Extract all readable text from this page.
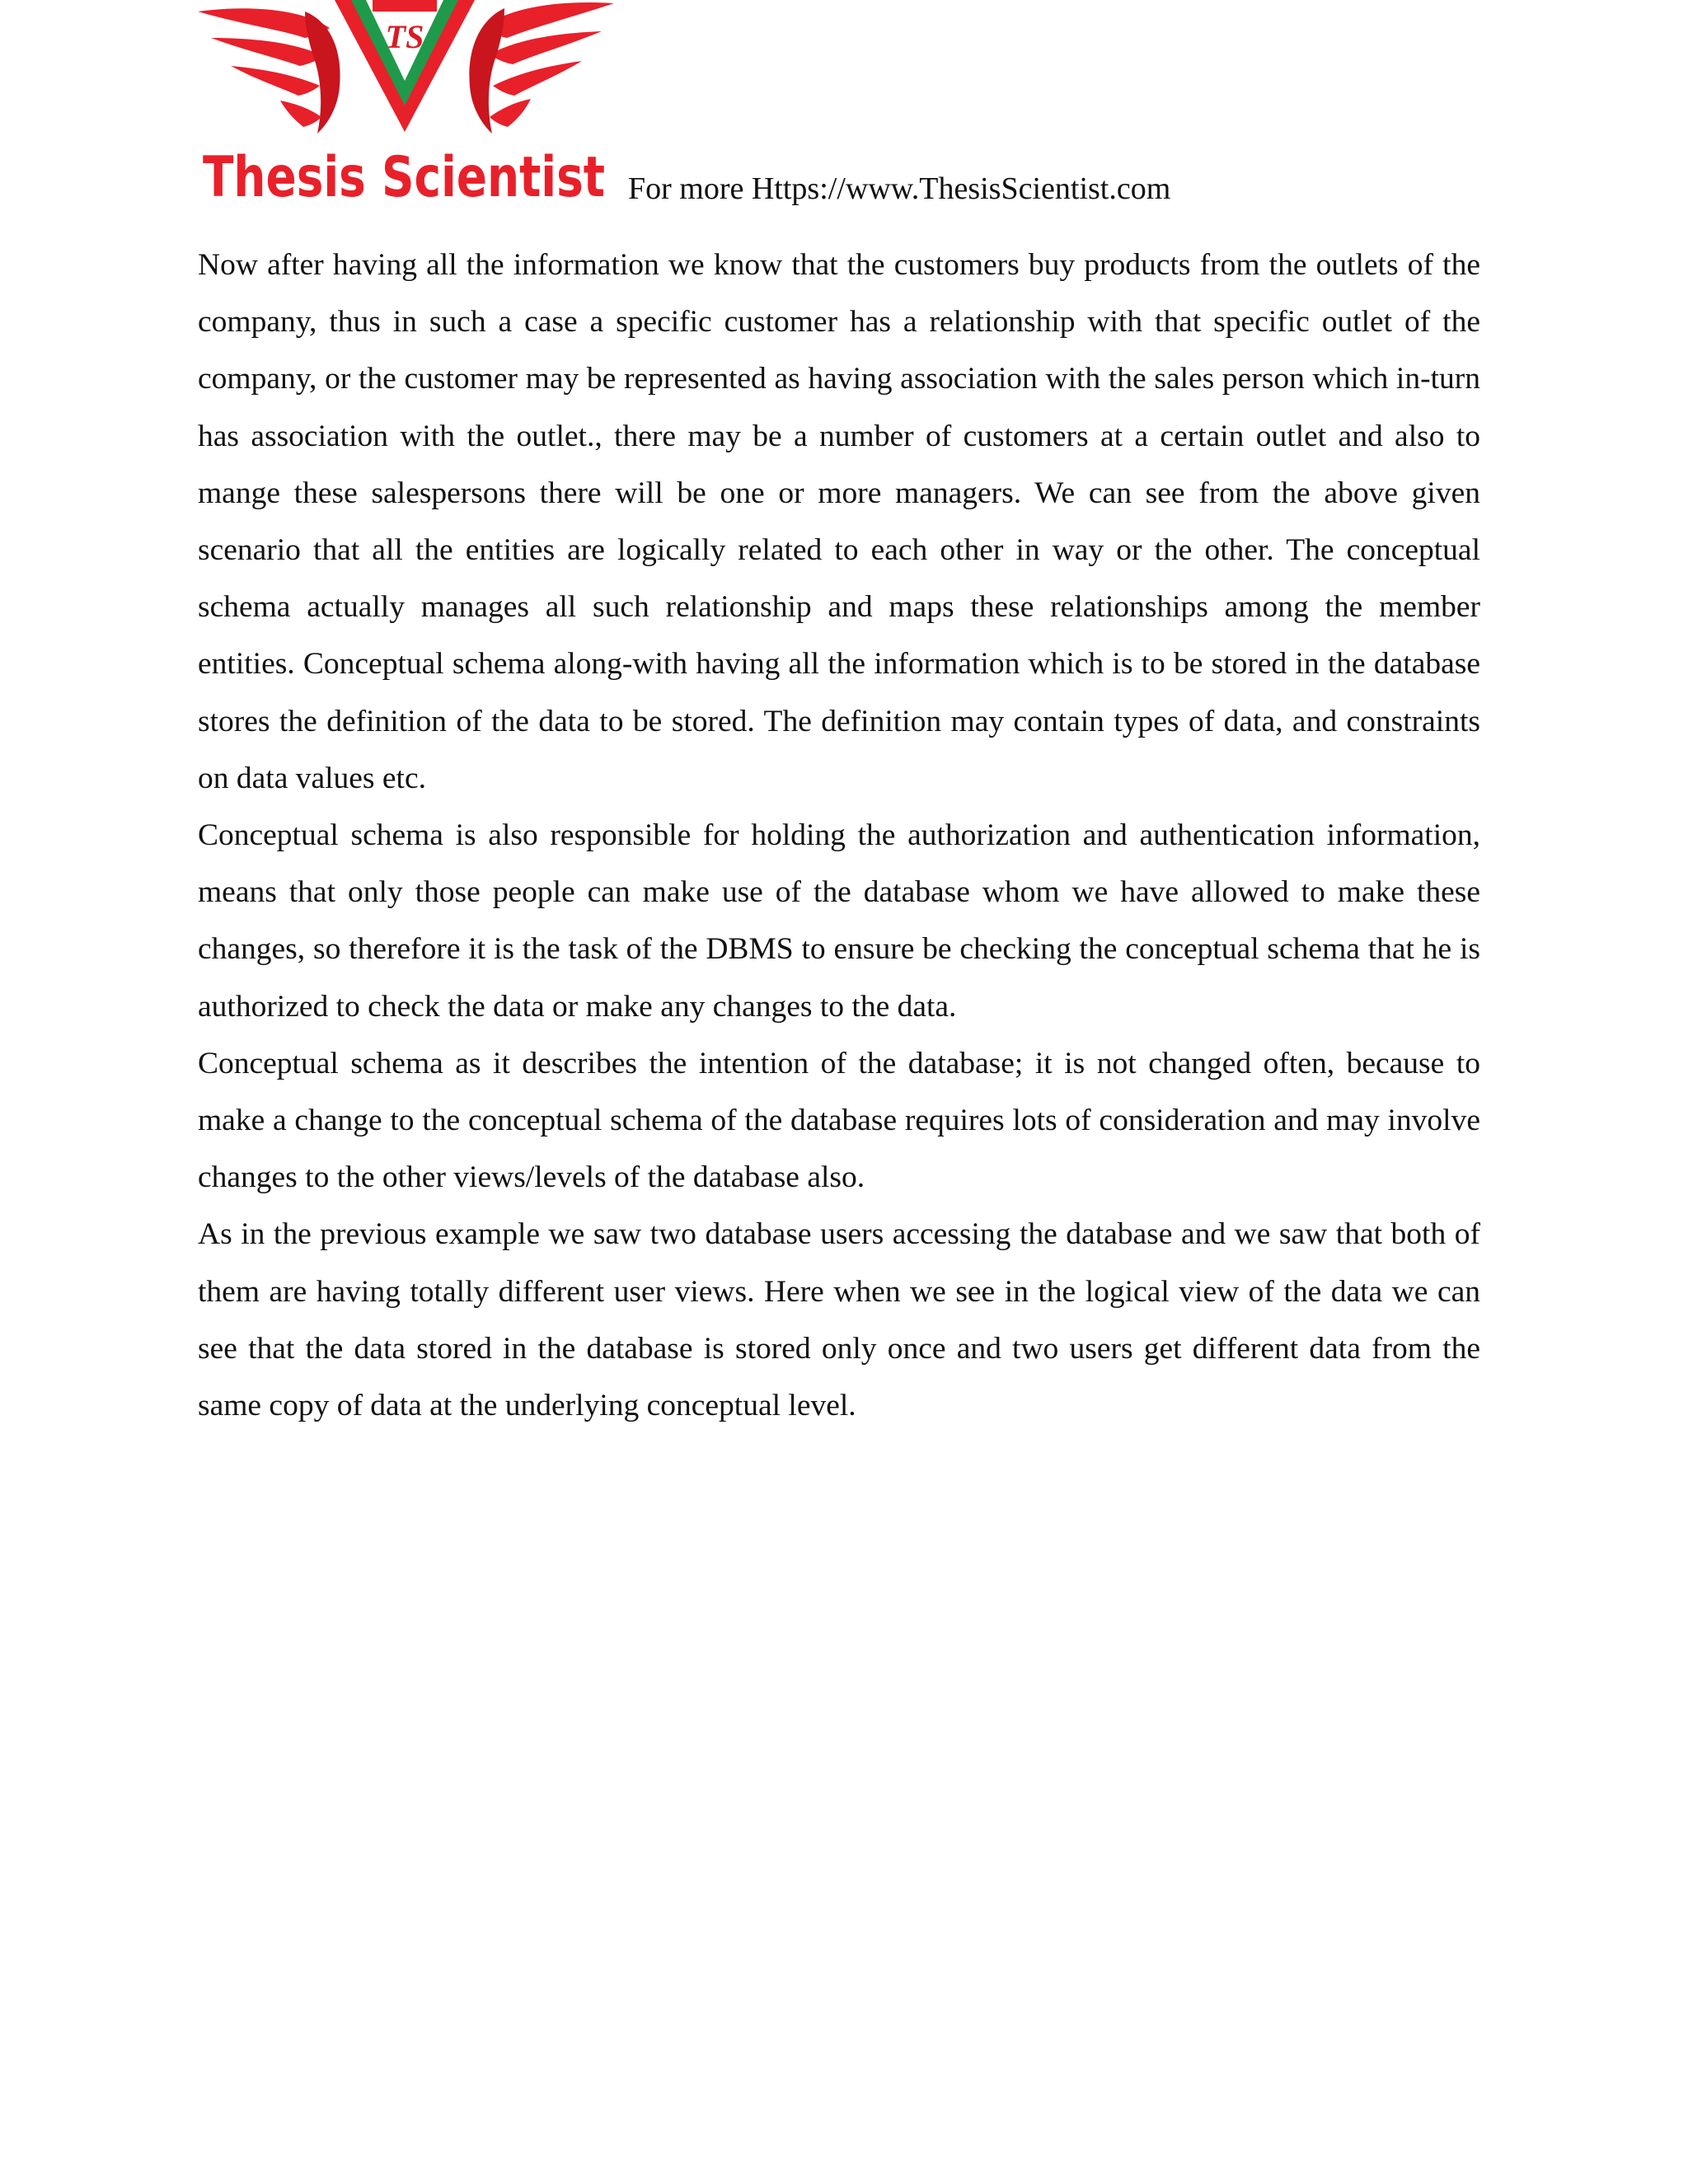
TS
Thesis Scientist For more Https://www.ThesisScientist.com

Now after having all the information we know that the customers buy products from the outlets of the company, thus in such a case a specific customer has a relationship with that specific outlet of the company, or the customer may be represented as having association with the sales person which in-turn has association with the outlet., there may be a number of customers at a certain outlet and also to mange these salespersons there will be one or more managers. We can see from the above given scenario that all the entities are logically related to each other in way or the other. The conceptual schema actually manages all such relationship and maps these relationships among the member entities. Conceptual schema along-with having all the information which is to be stored in the database stores the definition of the data to be stored. The definition may contain types of data, and constraints on data values etc.

Conceptual schema is also responsible for holding the authorization and authentication information, means that only those people can make use of the database whom we have allowed to make these changes, so therefore it is the task of the DBMS to ensure be checking the conceptual schema that he is authorized to check the data or make any changes to the data.

Conceptual schema as it describes the intention of the database; it is not changed often, because to make a change to the conceptual schema of the database requires lots of consideration and may involve changes to the other views/levels of the database also.

As in the previous example we saw two database users accessing the database and we saw that both of them are having totally different user views. Here when we see in the logical view of the data we can see that the data stored in the database is stored only once and two users get different data from the same copy of data at the underlying conceptual level.
